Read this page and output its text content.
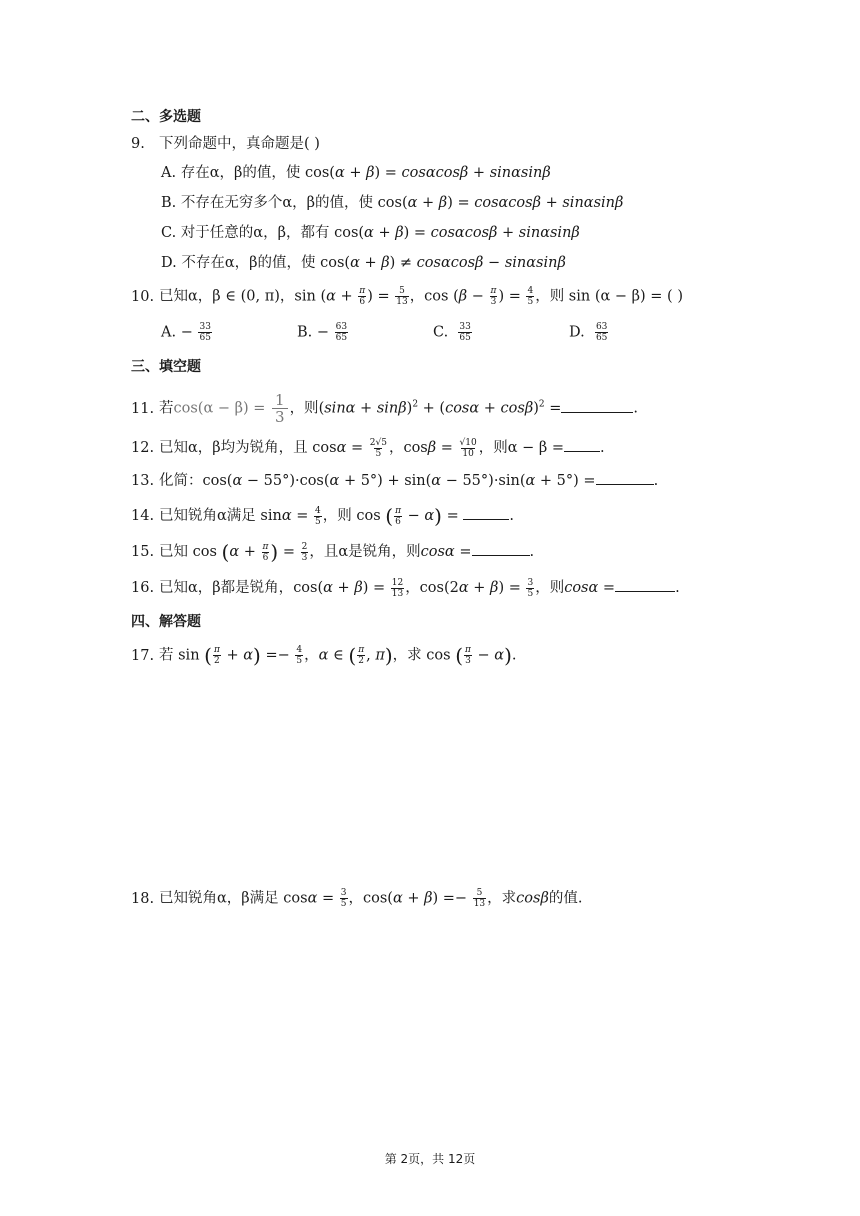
二、多选题
9. 下列命题中，真命题是( )
A. 存在α，β的值，使 cos(α + β) = cosαcosβ + sinαsinβ
B. 不存在无穷多个α，β的值，使 cos(α + β) = cosαcosβ + sinαsinβ
C. 对于任意的α，β，都有 cos(α + β) = cosαcosβ + sinαsinβ
D. 不存在α，β的值，使 cos(α + β) ≠ cosαcosβ − sinαsinβ
10. 已知α，β ∈ (0, π)，$\sin (\alpha + \frac{\pi}{6}$ ) = $\frac{5}{13}$ ，$\cos (\beta - \frac{\pi}{3}$ ) = $\frac{4}{5}$ ，则 sin (α − β) = ( )
A. − $\frac{33}{65}$	B. − $\frac{63}{65}$	C. $\frac{33}{65}$	D. $\frac{63}{65}$
三、填空题
11. 若$\cos(\alpha - \beta) = \frac{1}{3}$ ，则$(\sin\alpha + \sin\beta)^2 + (\cos\alpha + \cos\beta)^2$ =	.
12. 已知α，β均为锐角，且 $\cos\alpha = \frac{2√5}{5}$ ，$\cos\beta = \frac{√10}{10}$ ，则α − β = .
13. 化简：cos(α − 55°)·cos(α + 5°) + sin(α − 55°)·sin(α + 5°) =	.
14. 已知锐角α满足 $\sin\alpha = \frac{4}{5}$ ，则 cos ( $\frac{\pi}{6} - \alpha$) =	.
15. 已知 $\cos (\alpha + \frac{\pi}{6}$ ) = $\frac{2}{3}$ ，且α是锐角，则cosα =	.
16. 已知α，β都是锐角，$\cos(\alpha + \beta) = \frac{12}{13}$ ，$\cos(2\alpha + \beta) = \frac{3}{5}$ ，则cosα =	.
四、解答题
17. 若 sin ( $\frac{\pi}{2} + \alpha) =- \frac{4}{5}$ ，α ∈ ( $\frac{\pi}{2}$ , π)，求 cos ( $\frac{\pi}{3} - \alpha$).
18. 已知锐角α，β满足 $\cos\alpha = \frac{3}{5}$ ，$\cos(\alpha + \beta) =- \frac{5}{13}$ ，求cosβ的值.
第 2页，共 12页
